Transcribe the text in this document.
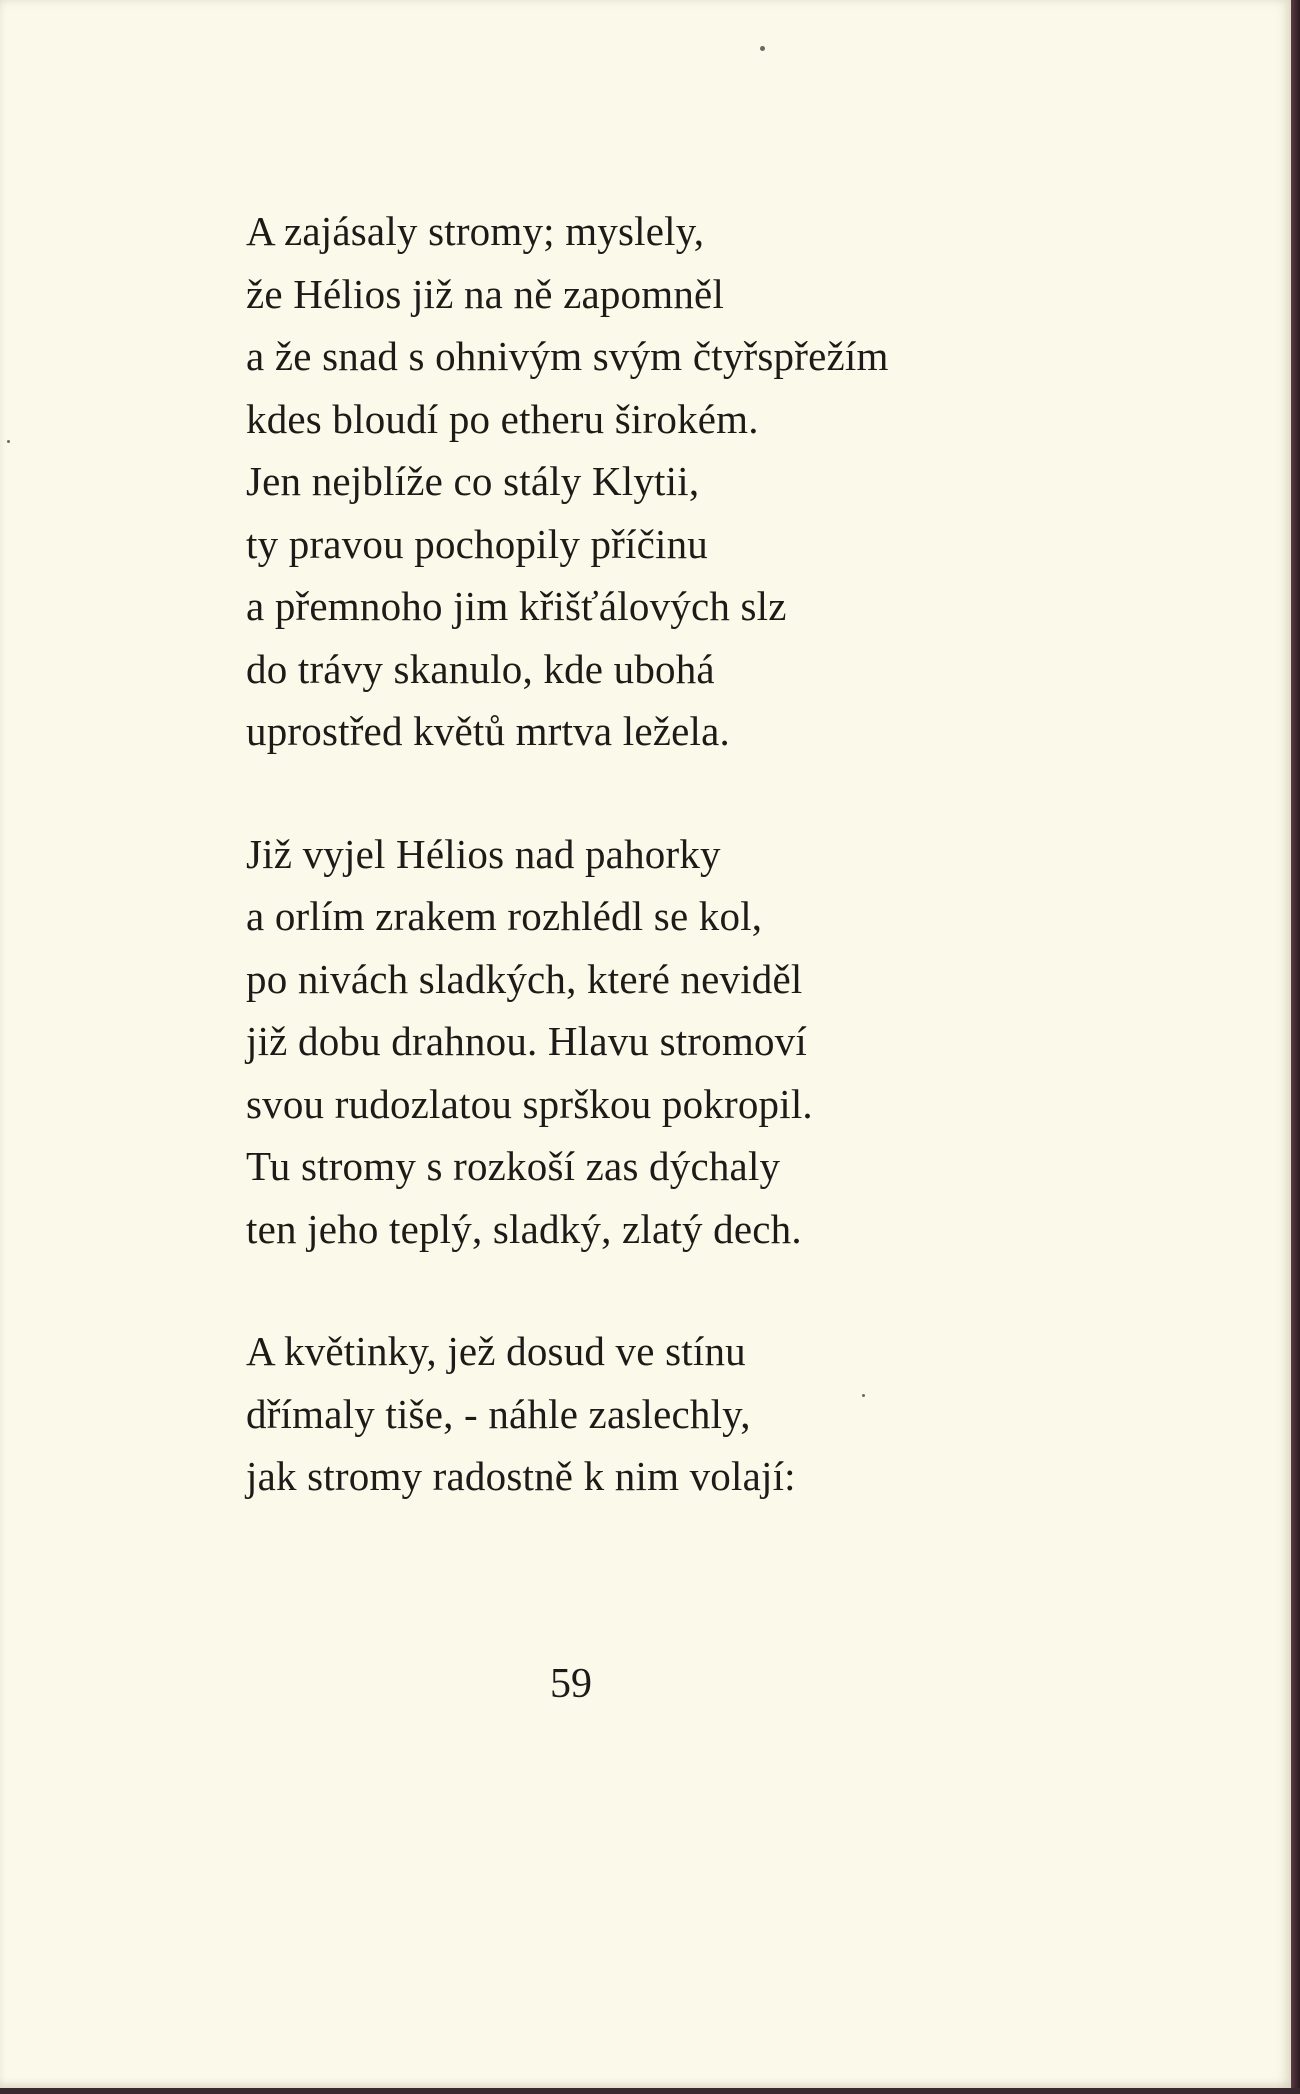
A zajásaly stromy; myslely,
že Hélios již na ně zapomněl
a že snad s ohnivým svým čtyřspřežím
kdes bloudí po etheru širokém.
Jen nejblíže co stály Klytii,
ty pravou pochopily příčinu
a přemnoho jim křišťálových slz
do trávy skanulo, kde ubohá
uprostřed květů mrtva ležela.
Již vyjel Hélios nad pahorky
a orlím zrakem rozhlédl se kol,
po nivách sladkých, které neviděl
již dobu drahnou. Hlavu stromoví
svou rudozlatou sprškou pokropil.
Tu stromy s rozkoší zas dýchaly
ten jeho teplý, sladký, zlatý dech.
A květinky, jež dosud ve stínu
dřímaly tiše, - náhle zaslechly,
jak stromy radostně k nim volají:
59
